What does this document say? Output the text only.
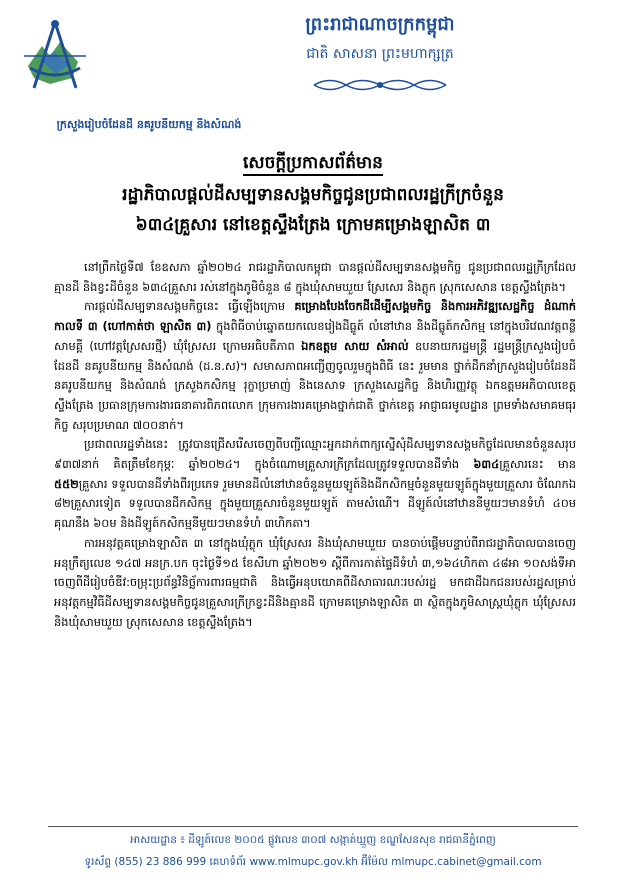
ក្រសួងរៀបចំដែនដី នគរូបនីយកម្ម និងសំណង់
ព្រះរាជាណាចក្រកម្ពុជា
ជាតិ សាសនា ព្រះមហាក្សត្រ
សេចក្តីប្រកាសព័ត៌មាន
រដ្ឋាភិបាលផ្តល់ដីសម្បទានសង្គមកិច្ចជូនប្រជាពលរដ្ឋក្រីក្រចំនួន
៦៣៤គ្រួសារ នៅខេត្តស្ទឹងត្រែង ក្រោមគម្រោងឡាសិត ៣

នៅព្រឹកថ្ងៃទី៧ ខែឧសភា ឆ្នាំ២០២៤ រាជរដ្ឋាភិបាលកម្ពុជា បានផ្តល់ដីសម្បទានសង្គមកិច្ច ជូនប្រជាពលរដ្ឋក្រីក្រដែលគ្មានដី និងខ្វះដីចំនួន ៦៣៤គ្រួសារ រស់នៅក្នុងភូមិចំនួន ៨ ក្នុងឃុំសាមឃួយ ស្រែសេរ និងភ្លុក ស្រុកសេសាន ខេត្តស្ទឹងត្រែង។

ការផ្តល់ដីសម្បទានសង្គមកិច្ចនេះ ធ្វើឡើងក្រោម គម្រោងបែងចែកដីដើម្បីសង្គមកិច្ច និងការអភិវឌ្ឍសេដ្ឋកិច្ច ដំណាក់កាលទី ៣ (ហៅកាត់ថា ឡាសិត ៣) ក្នុងពិធីចាប់ឆ្នោតយកលេខរៀងដីធ្លូត៍ លំនៅឋាន និងដីធ្លូត៍កសិកម្ម នៅក្នុងបរិវេណវត្តពន្លឺសាមគ្គី (ហៅវត្តស្រែសរថ្មី) ឃុំស្រែសរ ក្រោមអធិបតីភាព ឯកឧត្តម សាយ សំអាល់ ឧបនាយករដ្ឋមន្ត្រី រដ្ឋមន្ត្រីក្រសួងរៀបចំដែនដី នគរូបនីយកម្ម និងសំណង់ (ដ.ន.ស)។ សមាសភាពអញ្ជើញចូលរួមក្នុងពិធី នេះ រួមមាន ថ្នាក់ដឹកនាំក្រសួងរៀបចំដែនដី នគរូបនីយកម្ម និងសំណង់ ក្រសួងកសិកម្ម រុក្ខាប្រមាញ់ និងនេសាទ ក្រសួងសេដ្ឋកិច្ច និងហិរញ្ញវត្ថុ ឯកឧត្តមអភិបាលខេត្តស្ទឹងត្រែង ប្រធានក្រុមការងារធនាគារពិភពលោក ក្រុមការងារគម្រោងថ្នាក់ជាតិ ថ្នាក់ខេត្ត អាជ្ញាធរមូលដ្ឋាន ព្រមទាំងសមាគមធុរកិច្ច សរុបប្រមាណ ៧០០នាក់។

ប្រជាពលរដ្ឋទាំងនេះ ត្រូវបានជ្រើសរើសចេញពីបញ្ជីឈ្មោះអ្នកដាក់ពាក្យស្នើសុំដីសម្បទានសង្គមកិច្ចដែលមានចំនួនសរុប ៩៣៧នាក់ គិតត្រឹមខែកុម្ភៈ ឆ្នាំ២០២៤។ ក្នុងចំណោមគ្រួសារក្រីក្រដែលត្រូវទទួលបានដីទាំង ៦៣៤គ្រួសារនេះ មាន ៥៥២គ្រួសារ ទទួលបានដីទាំងពីរប្រភេទ រួមមានដីលំនៅឋានចំនួនមួយឡូត៍និងដីកសិកម្មចំនួនមួយឡូត៍ក្នុងមួយគ្រួសារ ចំណែកឯ ៨២គ្រួសារទៀត ទទួលបានដីកសិកម្ម ក្នុងមួយគ្រួសារចំនួនមួយឡូត៍ តាមសំណើ។ ដីឡូត៍លំនៅឋាននីមួយៗមានទំហំ ៤០ម គុណនឹង ៦០ម និងដីឡូត៍កសិកម្មនីមួយៗមានទំហំ ៣ហិកតា។

ការអនុវត្តគម្រោងឡាសិត ៣ នៅក្នុងឃុំភ្លុក ឃុំស្រែសរ និងឃុំសាមឃួយ បានចាប់ផ្តើមបន្ទាប់ពីរាជរដ្ឋាភិបាលបានចេញអនុក្រឹត្យលេខ ១៤៧ អនក្រ.បក ចុះថ្ងៃទី១៥ ខែសីហា ឆ្នាំ២០២១ ស្តីពីការកាត់ផ្ទៃដីទំហំ ៣,១៦៤ហិកតា ៤៨អា ១០សង់ទីអា ចេញពីដីរៀបចំឌីវ:ចម្រុះប្រព័ន្ធវិនិច្ឆ័ការពារធម្មជាតិ និងធ្វើអនុបយោគពីដីសាធារណៈរបស់រដ្ឋ មកជាដីឯកជនរបស់រដ្ឋសម្រាប់អនុវត្តកម្មវិធីដីសម្បទានសង្គមកិច្ចជូនគ្រួសារក្រីក្រខ្វះដីនិងគ្មានដី ក្រោមគម្រោងឡាសិត ៣ ស្ថិតក្នុងភូមិសាស្ត្រឃុំភ្លុក ឃុំស្រែសរ និងឃុំសាមឃួយ ស្រុកសេសាន ខេត្តស្ទឹងត្រែង។

អាសយដ្ឋាន ៖ ដីឡូត៍លេខ ២០០៥ ផ្លូវលេខ ៣០៧ សង្កាត់ឃ្មួញ ខណ្ឌសែនសុខ រាជធានីភ្នំពេញ
ទូរស័ព្ទ (855) 23 886 999 គេហទំព័រ www.mlmupc.gov.kh អ៊ីម៉ែល mlmupc.cabinet@gmail.com
